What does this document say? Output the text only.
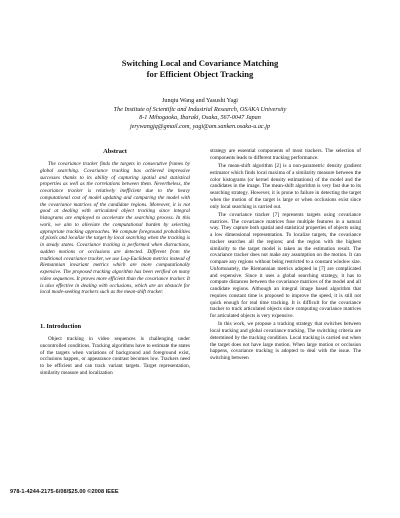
Switching Local and Covariance Matching
for Efficient Object Tracking
Junqiu Wang and Yasushi Yagi
The Institute of Scientific and Industrial Research, OSAKA University
8-1 Mihogaoka, Ibaraki, Osaka, 567-0047 Japan
jerywangjq@gmail.com, yagi@am.sanken.osaka-u.ac.jp
Abstract

The covariance tracker finds the targets in consecutive frames by global searching. Covariance tracking has achieved impressive successes thanks to its ability of capturing spatial and statistical properties as well as the correlations between them. Nevertheless, the covariance tracker is relatively inefficient due to the heavy computational cost of model updating and comparing the model with the covariance matrices of the candidate regions. Moreover, it is not good at dealing with articulated object tracking since integral histograms are employed to accelerate the searching process. In this work, we aim to alleviate the computational burden by selecting appropriate tracking approaches. We compute foreground probabilities of pixels and localize the target by local searching when the tracking is in steady states. Covariance tracking is performed when distractions, sudden motions or occlusions are detected. Different from the traditional covariance tracker, we use Log-Euclidean metrics instead of Riemannian invariant metrics which are more computationally expensive. The proposed tracking algorithm has been verified on many video sequences. It proves more efficient than the covariance tracker. It is also effective in dealing with occlusions, which are an obstacle for local mode-seeking trackers such as the mean-shift tracker.

1. Introduction

Object tracking in video sequences is challenging under uncontrolled conditions. Tracking algorithms have to estimate the states of the targets when variations of background and foreground exist, occlusions happen, or appearance contrast becomes low. Trackers need to be efficient and can track variant targets. Target representation, similarity measure and localization

strategy are essential components of most trackers. The selection of components leads to different tracking performance.

The mean-shift algorithm [2] is a non-parametric density gradient estimator which finds local maxima of a similarity measure between the color histograms (or kernel density estimations) of the model and the candidates in the image. The mean-shift algorithm is very fast due to its searching strategy. However, it is prone to failure in detecting the target when the motion of the target is large or when occlusions exist since only local searching is carried out.

The covariance tracker [7] represents targets using covariance matrices. The covariance matrices fuse multiple features in a natural way. They capture both spatial and statistical properties of objects using a low dimensional representation. To localize targets, the covariance tracker searches all the regions; and the region with the highest similarity to the target model is taken as the estimation result. The covariance tracker does not make any assumption on the motion. It can compare any regions without being restricted to a constant window size. Unfortunately, the Riemannian metrics adopted in [7] are complicated and expensive. Since it uses a global searching strategy, it has to compute distances between the covariance matrices of the model and all candidate regions. Although an integral image based algorithm that requires constant time is proposed to improve the speed, it is still not quick enough for real time tracking. It is difficult for the covariance tracker to track articulated objects since computing covariance matrices for articulated objects is very expensive.

In this work, we propose a tracking strategy that switches between local tracking and global covariance tracking. The switching criteria are determined by the tracking condition. Local tracking is carried out when the target does not have large motion. When large motion or occlusion happens, covariance tracking is adopted to deal with the issue. The switching between

978-1-4244-2175-6/08/$25.00 ©2008 IEEE
